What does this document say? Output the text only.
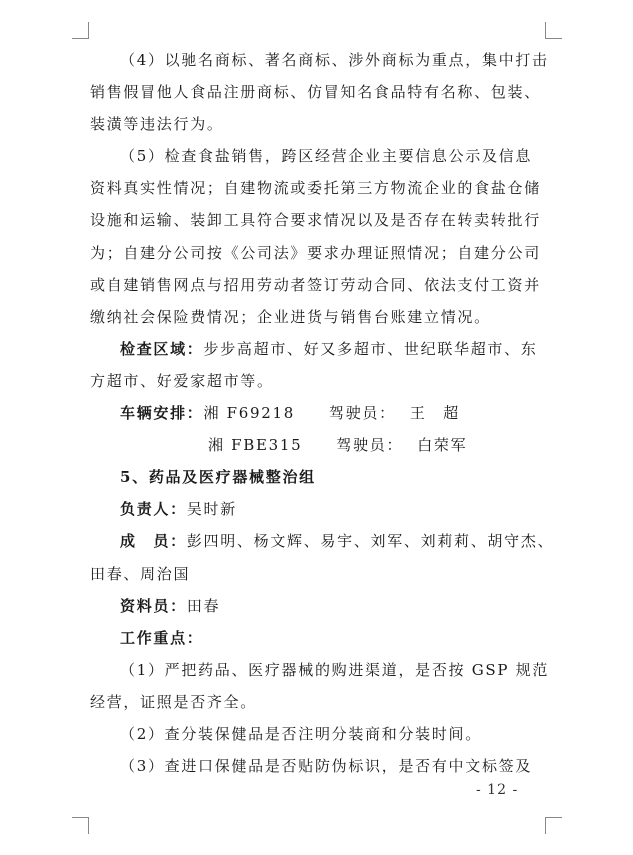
（4）以驰名商标、著名商标、涉外商标为重点，集中打击
销售假冒他人食品注册商标、仿冒知名食品特有名称、包装、
装潢等违法行为。
（5）检查食盐销售，跨区经营企业主要信息公示及信息
资料真实性情况；自建物流或委托第三方物流企业的食盐仓储
设施和运输、装卸工具符合要求情况以及是否存在转卖转批行
为；自建分公司按《公司法》要求办理证照情况；自建分公司
或自建销售网点与招用劳动者签订劳动合同、依法支付工资并
缴纳社会保险费情况；企业进货与销售台账建立情况。
检查区域：步步高超市、好又多超市、世纪联华超市、东
方超市、好爱家超市等。
车辆安排：湘 F69218 驾驶员： 王　超
湘 FBE315 驾驶员： 白荣军
5、药品及医疗器械整治组
负责人：吴时新
成　员：彭四明、杨文辉、易宇、刘军、刘莉莉、胡守杰、
田春、周治国
资料员：田春
工作重点：
（1）严把药品、医疗器械的购进渠道，是否按 GSP 规范
经营，证照是否齐全。
（2）查分装保健品是否注明分装商和分装时间。
（3）查进口保健品是否贴防伪标识，是否有中文标签及
- 12 -
